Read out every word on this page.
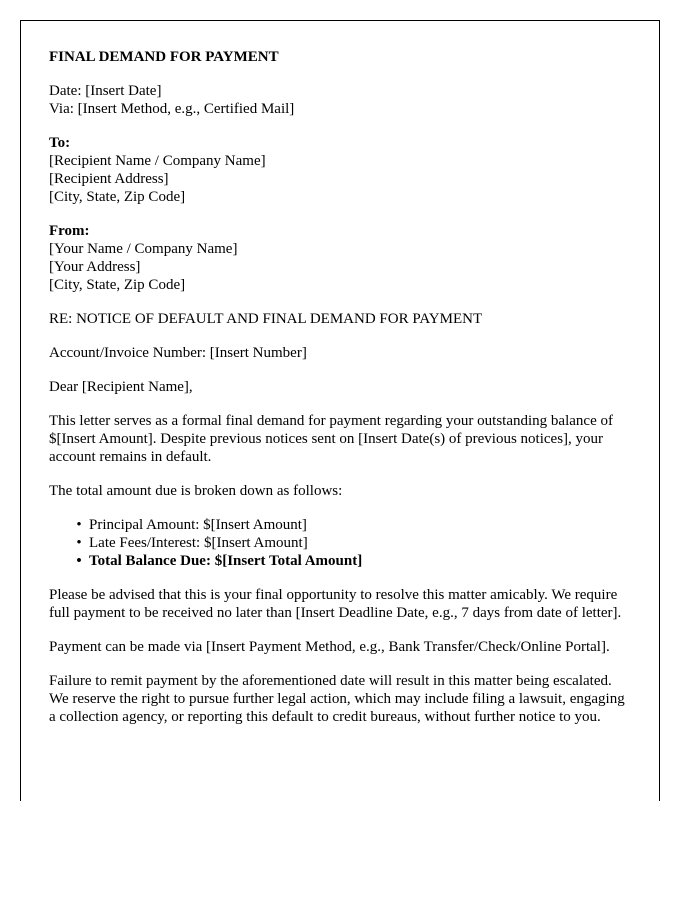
FINAL DEMAND FOR PAYMENT
Date: [Insert Date]
Via: [Insert Method, e.g., Certified Mail]
To:
[Recipient Name / Company Name]
[Recipient Address]
[City, State, Zip Code]
From:
[Your Name / Company Name]
[Your Address]
[City, State, Zip Code]
RE: NOTICE OF DEFAULT AND FINAL DEMAND FOR PAYMENT
Account/Invoice Number: [Insert Number]
Dear [Recipient Name],
This letter serves as a formal final demand for payment regarding your outstanding balance of $[Insert Amount]. Despite previous notices sent on [Insert Date(s) of previous notices], your account remains in default.
The total amount due is broken down as follows:
• Principal Amount: $[Insert Amount]
• Late Fees/Interest: $[Insert Amount]
• Total Balance Due: $[Insert Total Amount]
Please be advised that this is your final opportunity to resolve this matter amicably. We require full payment to be received no later than [Insert Deadline Date, e.g., 7 days from date of letter].
Payment can be made via [Insert Payment Method, e.g., Bank Transfer/Check/Online Portal].
Failure to remit payment by the aforementioned date will result in this matter being escalated. We reserve the right to pursue further legal action, which may include filing a lawsuit, engaging a collection agency, or reporting this default to credit bureaus, without further notice to you.
